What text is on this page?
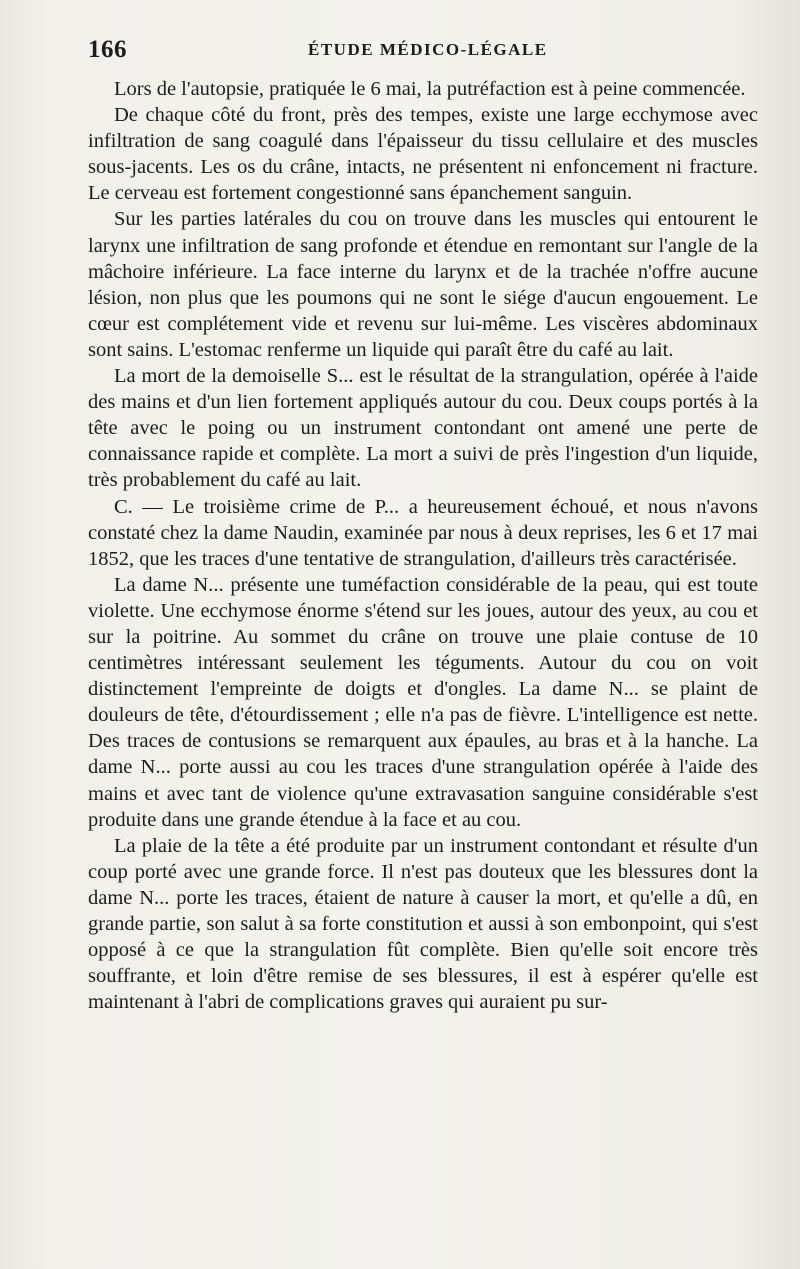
166	ÉTUDE MÉDICO-LÉGALE

Lors de l'autopsie, pratiquée le 6 mai, la putréfaction est à peine commencée.

De chaque côté du front, près des tempes, existe une large ecchymose avec infiltration de sang coagulé dans l'épaisseur du tissu cellulaire et des muscles sous-jacents. Les os du crâne, intacts, ne présentent ni enfoncement ni fracture. Le cerveau est fortement congestionné sans épanchement sanguin.

Sur les parties latérales du cou on trouve dans les muscles qui entourent le larynx une infiltration de sang profonde et étendue en remontant sur l'angle de la mâchoire inférieure. La face interne du larynx et de la trachée n'offre aucune lésion, non plus que les poumons qui ne sont le siége d'aucun engouement. Le cœur est complétement vide et revenu sur lui-même. Les viscères abdominaux sont sains. L'estomac renferme un liquide qui paraît être du café au lait.

La mort de la demoiselle S... est le résultat de la strangulation, opérée à l'aide des mains et d'un lien fortement appliqués autour du cou. Deux coups portés à la tête avec le poing ou un instrument contondant ont amené une perte de connaissance rapide et complète. La mort a suivi de près l'ingestion d'un liquide, très probablement du café au lait.

C. — Le troisième crime de P... a heureusement échoué, et nous n'avons constaté chez la dame Naudin, examinée par nous à deux reprises, les 6 et 17 mai 1852, que les traces d'une tentative de strangulation, d'ailleurs très caractérisée.

La dame N... présente une tuméfaction considérable de la peau, qui est toute violette. Une ecchymose énorme s'étend sur les joues, autour des yeux, au cou et sur la poitrine. Au sommet du crâne on trouve une plaie contuse de 10 centimètres intéressant seulement les téguments. Autour du cou on voit distinctement l'empreinte de doigts et d'ongles. La dame N... se plaint de douleurs de tête, d'étourdissement ; elle n'a pas de fièvre. L'intelligence est nette. Des traces de contusions se remarquent aux épaules, au bras et à la hanche. La dame N... porte aussi au cou les traces d'une strangulation opérée à l'aide des mains et avec tant de violence qu'une extravasation sanguine considérable s'est produite dans une grande étendue à la face et au cou.

La plaie de la tête a été produite par un instrument contondant et résulte d'un coup porté avec une grande force. Il n'est pas douteux que les blessures dont la dame N... porte les traces, étaient de nature à causer la mort, et qu'elle a dû, en grande partie, son salut à sa forte constitution et aussi à son embonpoint, qui s'est opposé à ce que la strangulation fût complète. Bien qu'elle soit encore très souffrante, et loin d'être remise de ses blessures, il est à espérer qu'elle est maintenant à l'abri de complications graves qui auraient pu sur-
